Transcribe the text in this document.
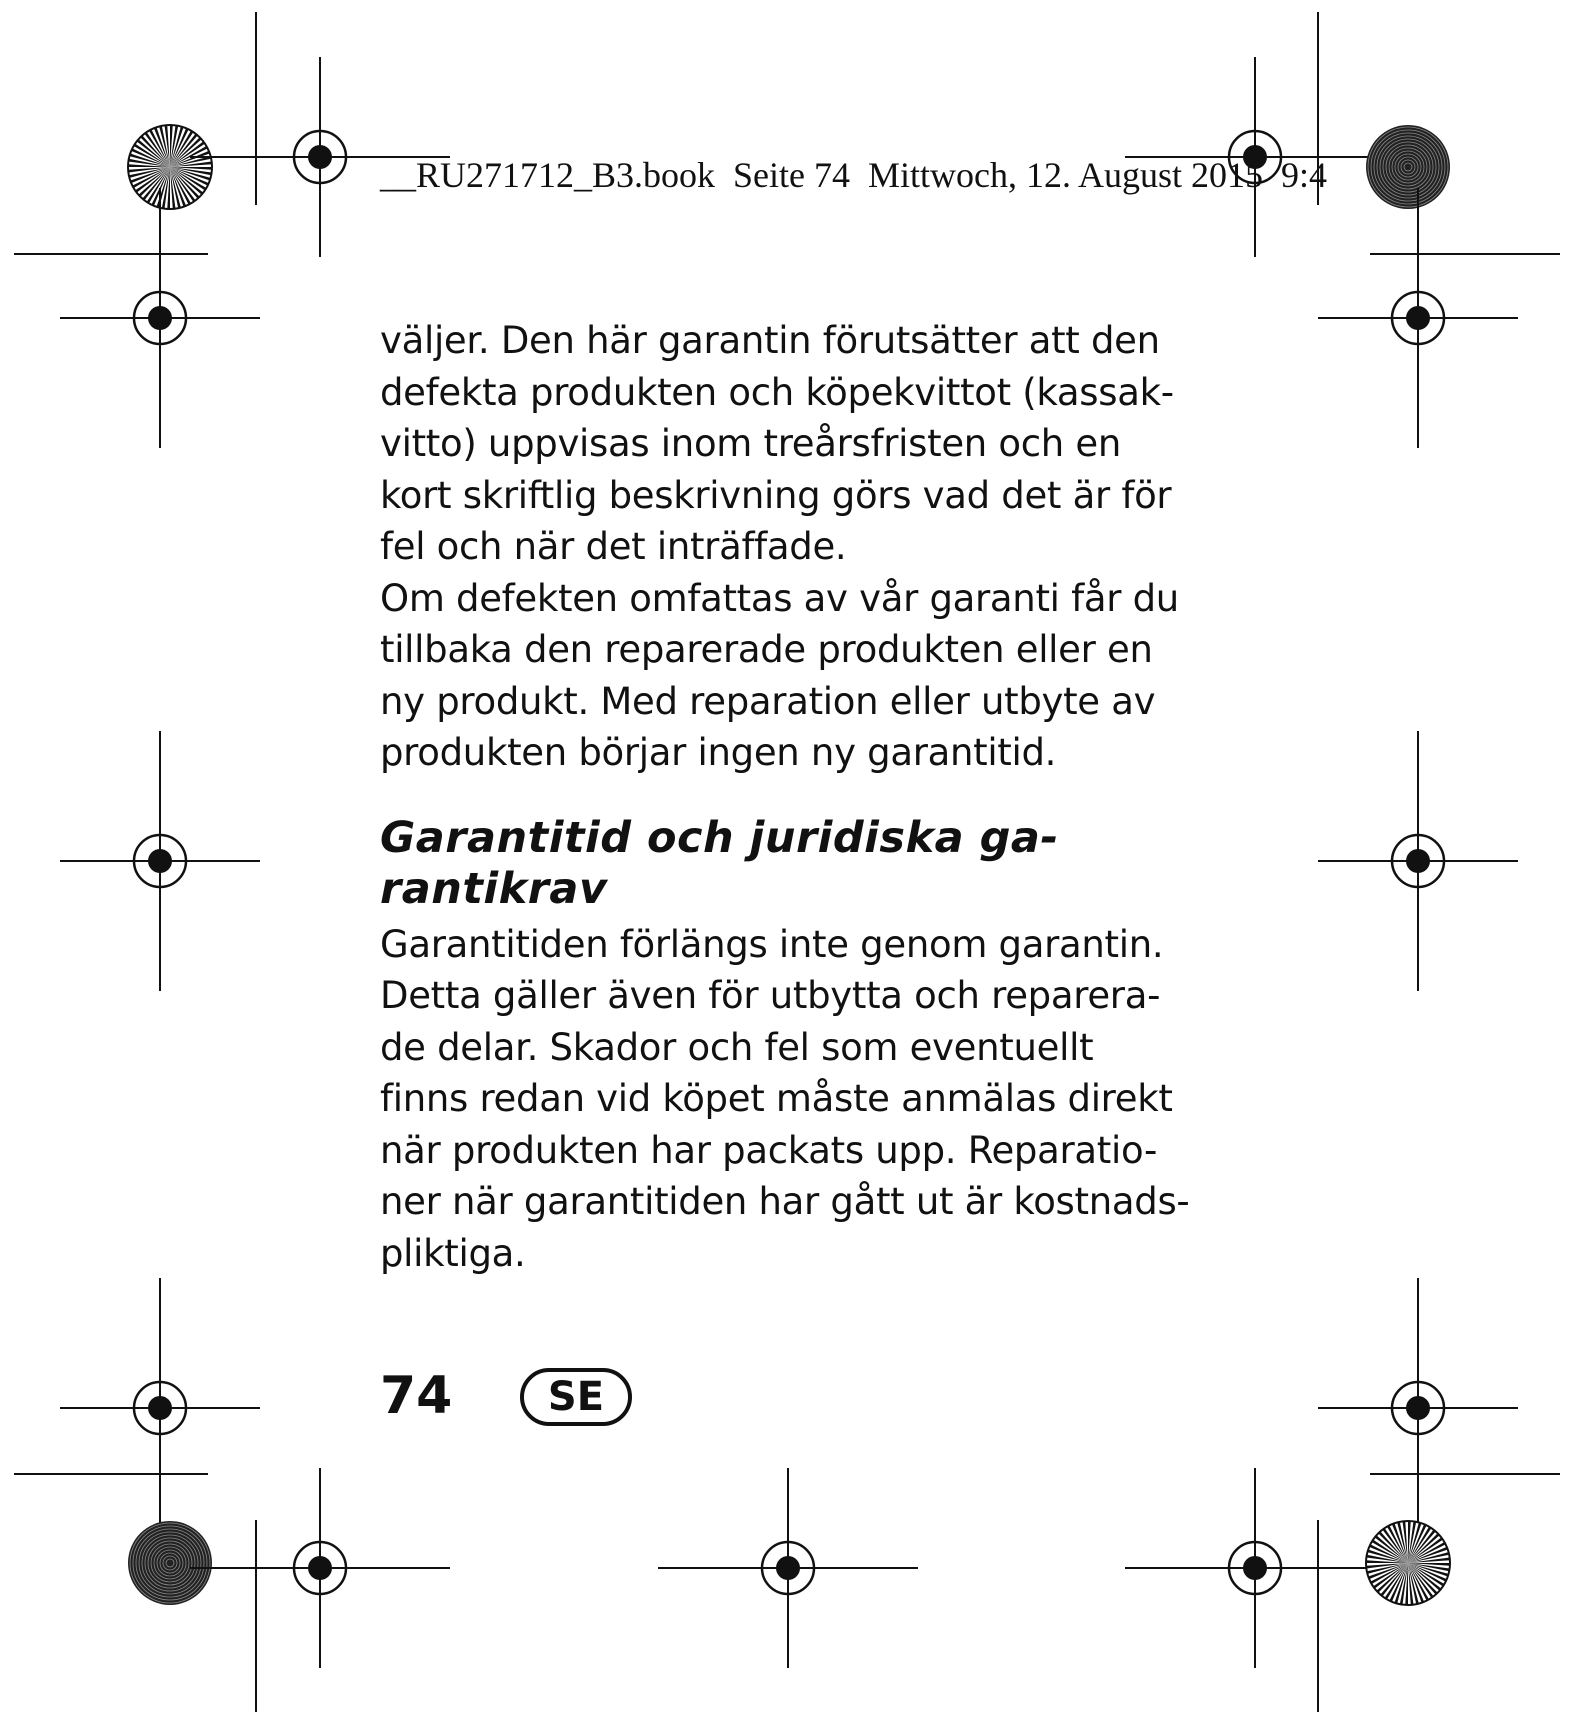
__RU271712_B3.book  Seite 74  Mittwoch, 12. August 2015  9:4

väljer. Den här garantin förutsätter att den

defekta produkten och köpekvittot (kassak-

vitto) uppvisas inom treårsfristen och en

kort skriftlig beskrivning görs vad det är för

fel och när det inträffade.

Om defekten omfattas av vår garanti får du

tillbaka den reparerade produkten eller en

ny produkt. Med reparation eller utbyte av

produkten börjar ingen ny garantitid.

Garantitid och juridiska ga-

rantikrav

Garantitiden förlängs inte genom garantin.

Detta gäller även för utbytta och reparera-

de delar. Skador och fel som eventuellt

finns redan vid köpet måste anmälas direkt

när produkten har packats upp. Reparatio-

ner när garantitiden har gått ut är kostnads-

pliktiga.

74	SE
